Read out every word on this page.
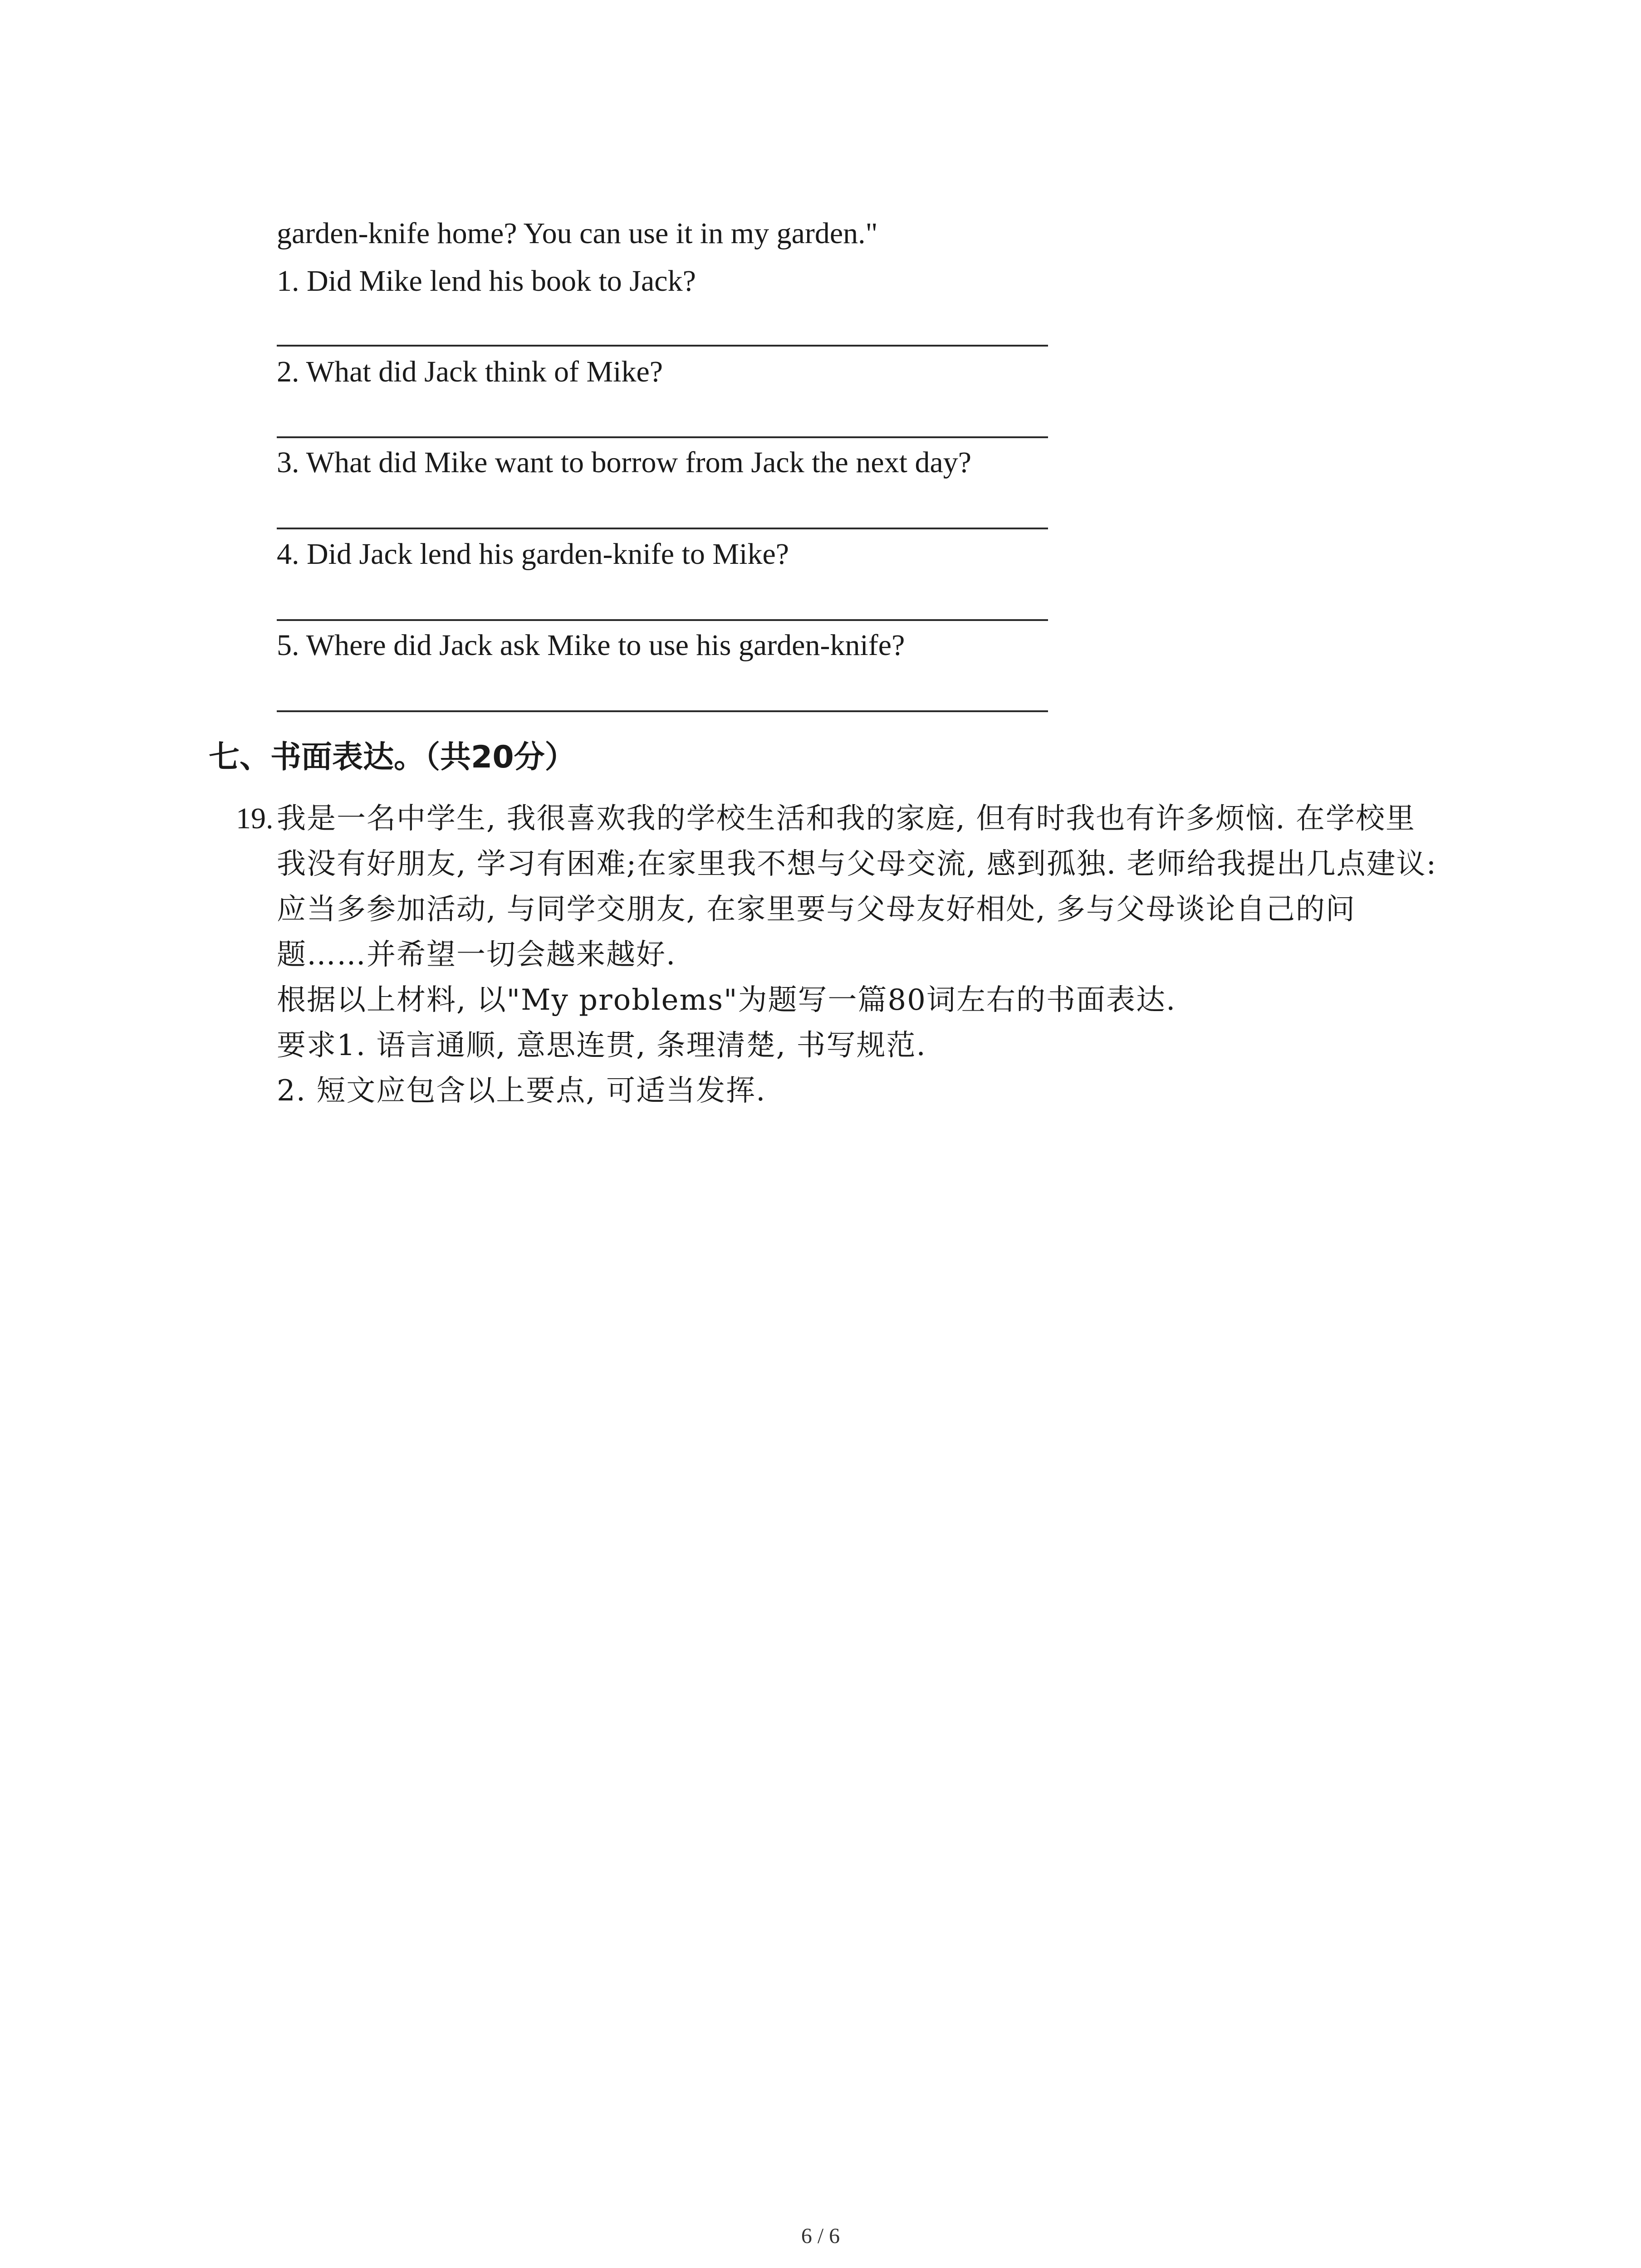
garden-knife home? You can use it in my garden."
1. Did Mike lend his book to Jack?
2. What did Jack think of Mike?
3. What did Mike want to borrow from Jack the next day?
4. Did Jack lend his garden-knife to Mike?
5. Where did Jack ask Mike to use his garden-knife?
七、书面表达。（共20分）
19. 我是一名中学生, 我很喜欢我的学校生活和我的家庭, 但有时我也有许多烦恼. 在学校里
我没有好朋友, 学习有困难;在家里我不想与父母交流, 感到孤独. 老师给我提出几点建议:
应当多参加活动, 与同学交朋友, 在家里要与父母友好相处, 多与父母谈论自己的问
题……并希望一切会越来越好.
根据以上材料, 以"My problems"为题写一篇80词左右的书面表达.
要求1. 语言通顺, 意思连贯, 条理清楚, 书写规范.
2. 短文应包含以上要点, 可适当发挥.
6 / 6
